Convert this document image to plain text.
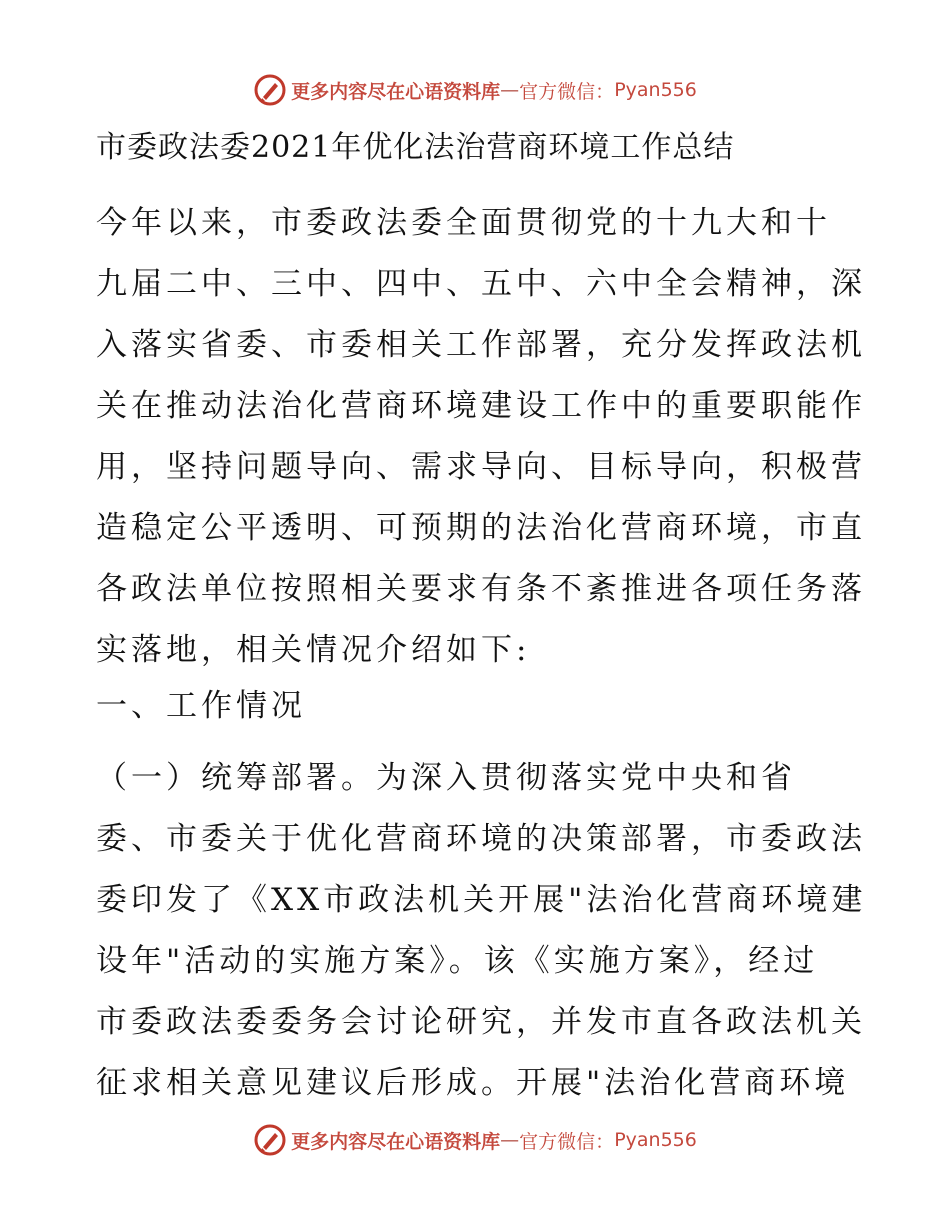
更多内容尽在心语资料库 — 官方微信： Pyan556
市委政法委2021年优化法治营商环境工作总结
今年以来，市委政法委全面贯彻党的十九大和十
九届二中、三中、四中、五中、六中全会精神，深
入落实省委、市委相关工作部署，充分发挥政法机
关在推动法治化营商环境建设工作中的重要职能作
用，坚持问题导向、需求导向、目标导向，积极营
造稳定公平透明、可预期的法治化营商环境，市直
各政法单位按照相关要求有条不紊推进各项任务落
实落地，相关情况介绍如下:
一、工作情况
（一）统筹部署。为深入贯彻落实党中央和省
委、市委关于优化营商环境的决策部署，市委政法
委印发了《XX市政法机关开展"法治化营商环境建
设年"活动的实施方案》。该《实施方案》，经过
市委政法委委务会讨论研究，并发市直各政法机关
征求相关意见建议后形成。开展"法治化营商环境
更多内容尽在心语资料库 — 官方微信： Pyan556
